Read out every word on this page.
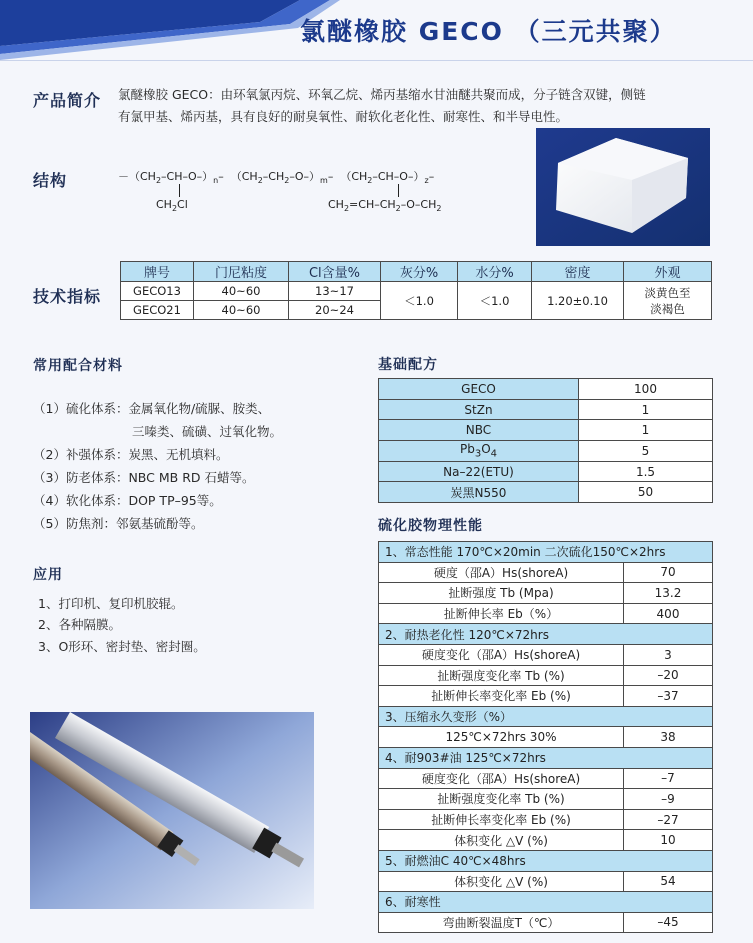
氯醚橡胶 GECO （三元共聚）
产品简介 氯醚橡胶 GECO：由环氧氯丙烷、环氧乙烷、烯丙基缩水甘油醚共聚而成，分子链含双键，侧链
有氯甲基、烯丙基，具有良好的耐臭氧性、耐软化老化性、耐寒性、和半导电性。
结构	$-(CH_2-CH-O-)_n-$ $(CH_2-CH_2-O-)_m-$ $(CH_2-CH-O-)_z-$
$CH_2Cl$	$CH_2=CH-CH_2-O-CH_2$
技术指标
牌号	门尼粘度	Cl含量%	灰分%	水分%	密度	外观
GECO13	40~60	13~17	＜1.0	＜1.0	1.20±0.10	淡黄色至
淡褐色

GECO21	40~60	20~24				
常用配合材料
（1）硫化体系：金属氧化物/硫脲、胺类、
三嗪类、硫磺、过氧化物。
（2）补强体系：炭黑、无机填料。
（3）防老体系：NBC MB RD 石蜡等。
（4）软化体系：DOP TP–95等。
（5）防焦剂：邻氨基硫酚等。
应用
1、打印机、复印机胶辊。
2、各种隔膜。
3、O形环、密封垫、密封圈。
基础配方
GECO	100
StZn	1
NBC	1
$Pb_3O_4$	5
Na–22(ETU)	1.5
炭黑N550	50
硫化胶物理性能
1、常态性能 170℃×20min 二次硫化150℃×2hrs	
硬度（邵A）Hs(shoreA)	70
扯断强度 Tb (Mpa)	13.2
扯断伸长率 Eb（%）	400
2、耐热老化性 120℃×72hrs	
硬度变化（邵A）Hs(shoreA)	3
扯断强度变化率 Tb (%)	–20
扯断伸长率变化率 Eb (%)	–37
3、压缩永久变形（%）	
125℃×72hrs 30%	38
4、耐903#油 125℃×72hrs	
硬度变化（邵A）Hs(shoreA)	–7
扯断强度变化率 Tb (%)	–9
扯断伸长率变化率 Eb (%)	–27
体积变化 △V (%)	10
5、耐燃油C 40℃×48hrs	
体积变化 △V (%)	54
6、耐寒性	
弯曲断裂温度T（℃）	–45
